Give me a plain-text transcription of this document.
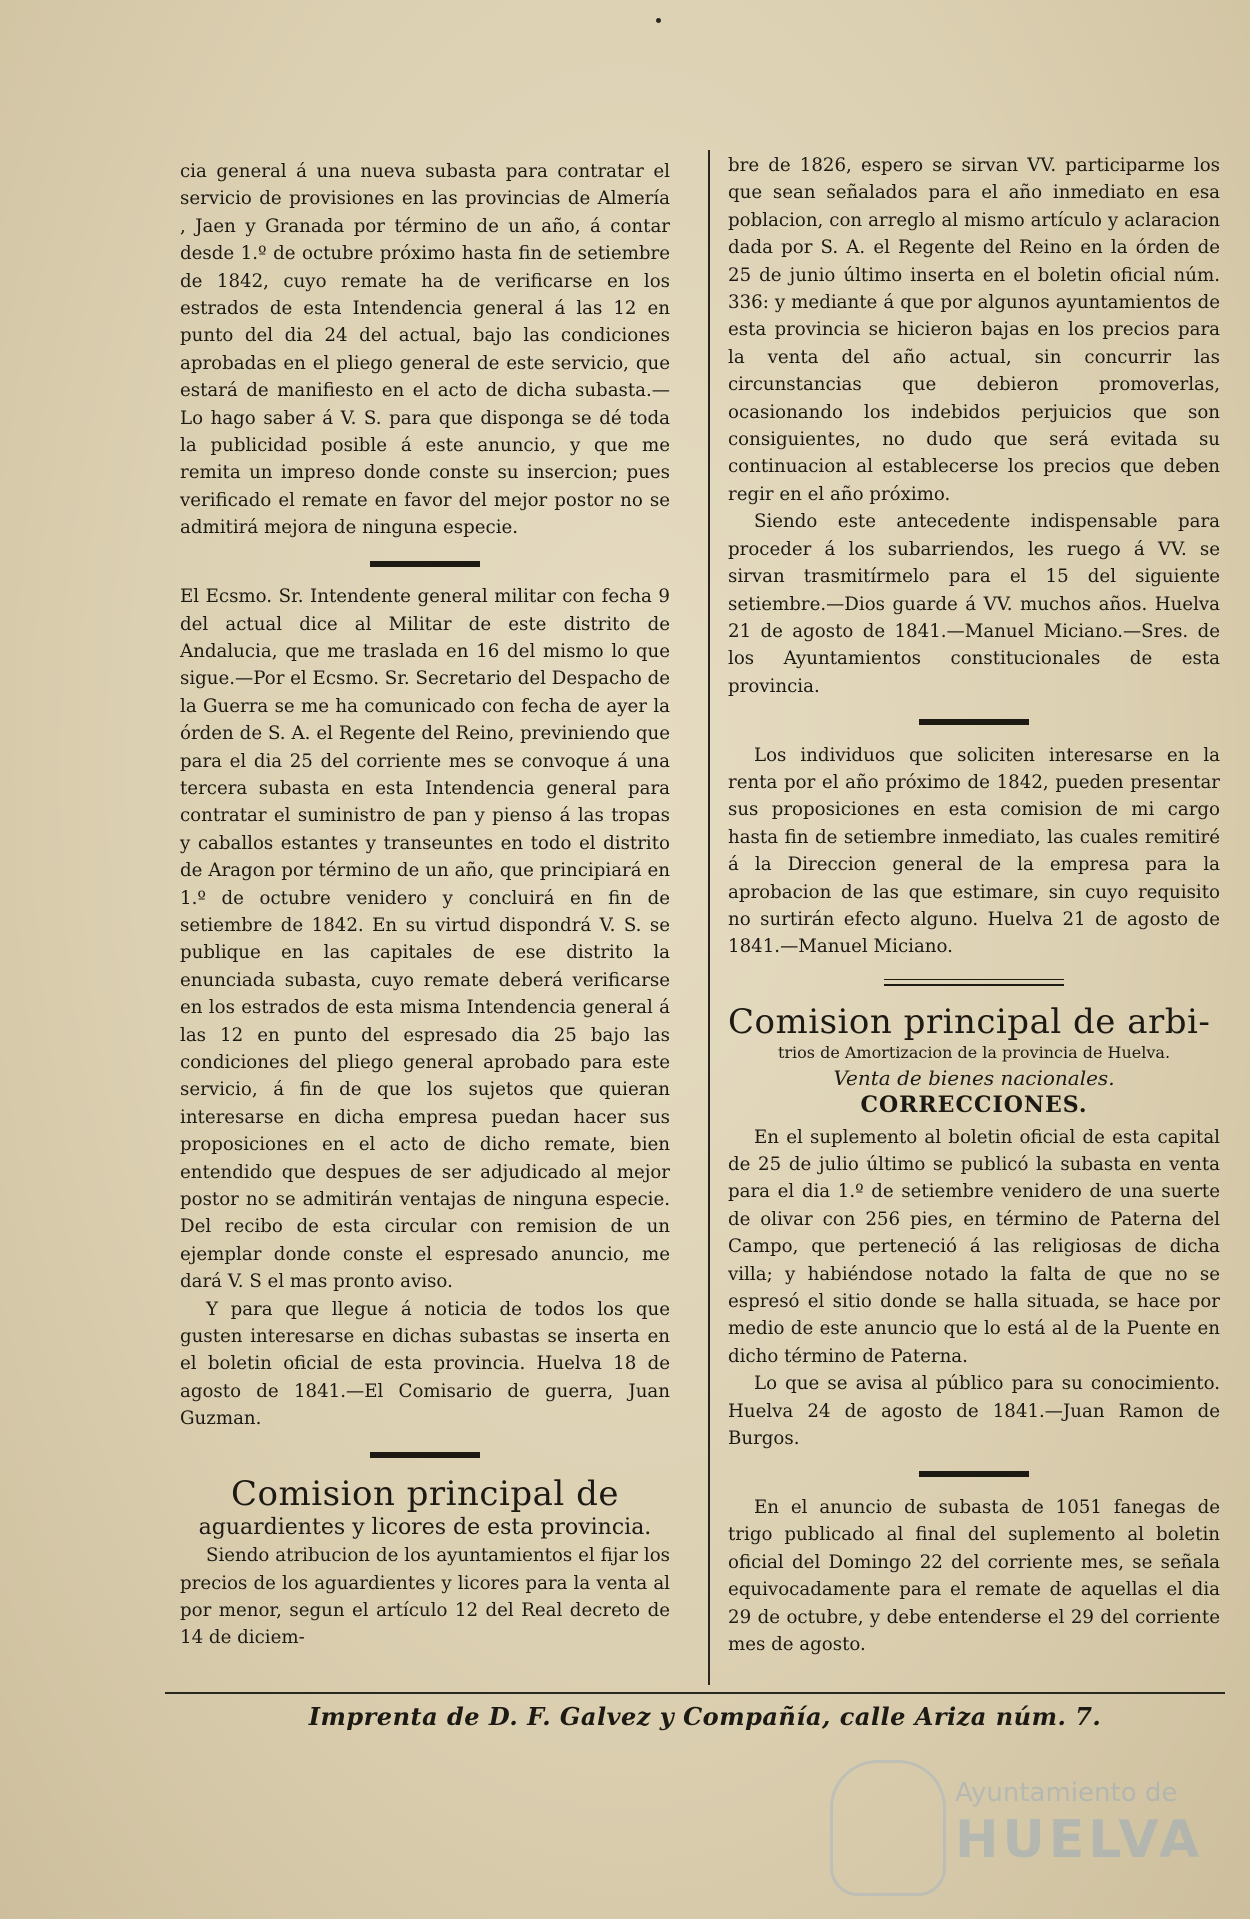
cia general á una nueva subasta para contratar el servicio de provisiones en las provincias de Almería , Jaen y Granada por término de un año, á contar desde 1.º de octubre próximo hasta fin de setiembre de 1842, cuyo remate ha de verificarse en los estrados de esta Intendencia general á las 12 en punto del dia 24 del actual, bajo las condiciones aprobadas en el pliego general de este servicio, que estará de manifiesto en el acto de dicha subasta.—Lo hago saber á V. S. para que disponga se dé toda la publicidad posible á este anuncio, y que me remita un impreso donde conste su insercion; pues verificado el remate en favor del mejor postor no se admitirá mejora de ninguna especie.

El Ecsmo. Sr. Intendente general militar con fecha 9 del actual dice al Militar de este distrito de Andalucia, que me traslada en 16 del mismo lo que sigue.—Por el Ecsmo. Sr. Secretario del Despacho de la Guerra se me ha comunicado con fecha de ayer la órden de S. A. el Regente del Reino, previniendo que para el dia 25 del corriente mes se convoque á una tercera subasta en esta Intendencia general para contratar el suministro de pan y pienso á las tropas y caballos estantes y transeuntes en todo el distrito de Aragon por término de un año, que principiará en 1.º de octubre venidero y concluirá en fin de setiembre de 1842. En su virtud dispondrá V. S. se publique en las capitales de ese distrito la enunciada subasta, cuyo remate deberá verificarse en los estrados de esta misma Intendencia general á las 12 en punto del espresado dia 25 bajo las condiciones del pliego general aprobado para este servicio, á fin de que los sujetos que quieran interesarse en dicha empresa puedan hacer sus proposiciones en el acto de dicho remate, bien entendido que despues de ser adjudicado al mejor postor no se admitirán ventajas de ninguna especie. Del recibo de esta circular con remision de un ejemplar donde conste el espresado anuncio, me dará V. S el mas pronto aviso.

Y para que llegue á noticia de todos los que gusten interesarse en dichas subastas se inserta en el boletin oficial de esta provincia. Huelva 18 de agosto de 1841.—El Comisario de guerra, Juan Guzman.

Comision principal de
aguardientes y licores de esta provincia.

Siendo atribucion de los ayuntamientos el fijar los precios de los aguardientes y licores para la venta al por menor, segun el artículo 12 del Real decreto de 14 de diciem-

bre de 1826, espero se sirvan VV. participarme los que sean señalados para el año inmediato en esa poblacion, con arreglo al mismo artículo y aclaracion dada por S. A. el Regente del Reino en la órden de 25 de junio último inserta en el boletin oficial núm. 336: y mediante á que por algunos ayuntamientos de esta provincia se hicieron bajas en los precios para la venta del año actual, sin concurrir las circunstancias que debieron promoverlas, ocasionando los indebidos perjuicios que son consiguientes, no dudo que será evitada su continuacion al establecerse los precios que deben regir en el año próximo.

Siendo este antecedente indispensable para proceder á los subarriendos, les ruego á VV. se sirvan trasmitírmelo para el 15 del siguiente setiembre.—Dios guarde á VV. muchos años. Huelva 21 de agosto de 1841.—Manuel Miciano.—Sres. de los Ayuntamientos constitucionales de esta provincia.

Los individuos que soliciten interesarse en la renta por el año próximo de 1842, pueden presentar sus proposiciones en esta comision de mi cargo hasta fin de setiembre inmediato, las cuales remitiré á la Direccion general de la empresa para la aprobacion de las que estimare, sin cuyo requisito no surtirán efecto alguno. Huelva 21 de agosto de 1841.—Manuel Miciano.

Comision principal de arbi-
trios de Amortizacion de la provincia de Huelva.
Venta de bienes nacionales.
CORRECCIONES.

En el suplemento al boletin oficial de esta capital de 25 de julio último se publicó la subasta en venta para el dia 1.º de setiembre venidero de una suerte de olivar con 256 pies, en término de Paterna del Campo, que perteneció á las religiosas de dicha villa; y habiéndose notado la falta de que no se espresó el sitio donde se halla situada, se hace por medio de este anuncio que lo está al de la Puente en dicho término de Paterna.

Lo que se avisa al público para su conocimiento. Huelva 24 de agosto de 1841.—Juan Ramon de Burgos.

En el anuncio de subasta de 1051 fanegas de trigo publicado al final del suplemento al boletin oficial del Domingo 22 del corriente mes, se señala equivocadamente para el remate de aquellas el dia 29 de octubre, y debe entenderse el 29 del corriente mes de agosto.

Imprenta de D. F. Galvez y Compañía, calle Ariza núm. 7.
Ayuntamiento de
HUELVA
